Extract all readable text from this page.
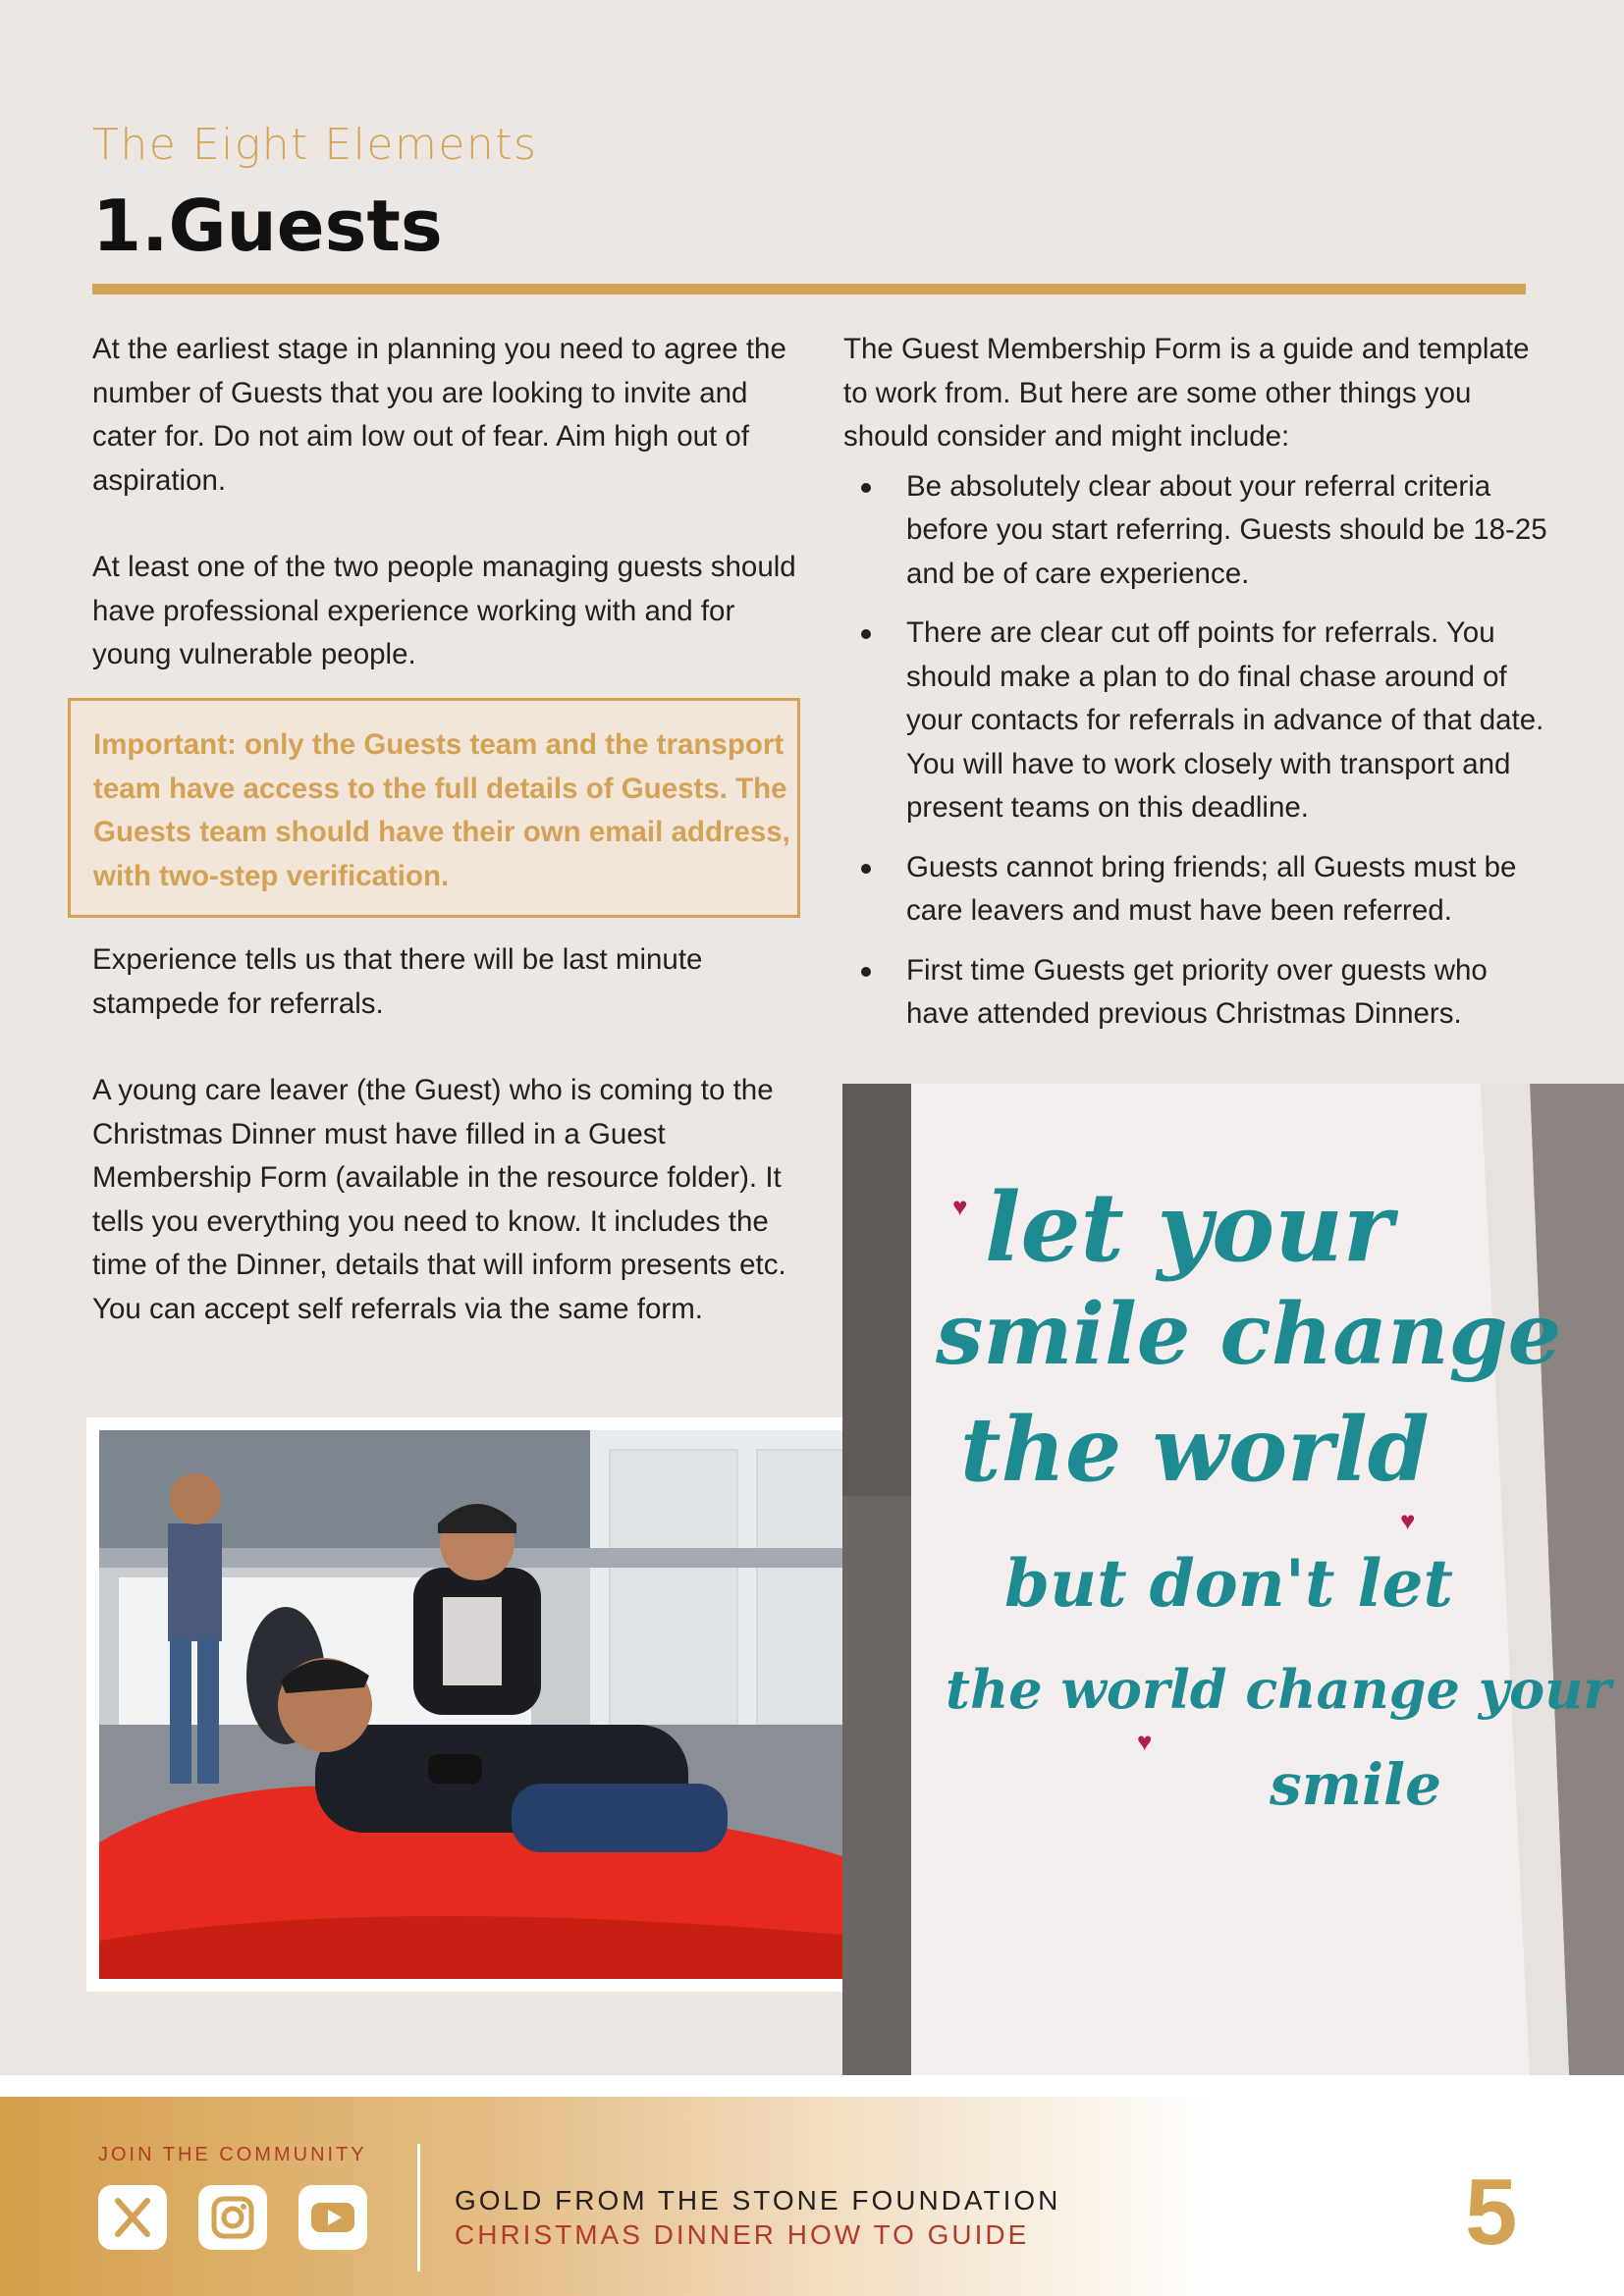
The Eight Elements
1.Guests

At the earliest stage in planning you need to agree the number of Guests that you are looking to invite and cater for. Do not aim low out of fear. Aim high out of aspiration.

At least one of the two people managing guests should have professional experience working with and for young vulnerable people.

Important: only the Guests team and the transport team have access to the full details of Guests. The Guests team should have their own email address, with two-step verification.

Experience tells us that there will be last minute stampede for referrals.

A young care leaver (the Guest) who is coming to the Christmas Dinner must have filled in a Guest Membership Form (available in the resource folder). It tells you everything you need to know. It includes the time of the Dinner, details that will inform presents etc. You can accept self referrals via the same form.

The Guest Membership Form is a guide and template to work from. But here are some other things you should consider and might include:

Be absolutely clear about your referral criteria before you start referring. Guests should be 18-25 and be of care experience.
There are clear cut off points for referrals. You should make a plan to do final chase around of your contacts for referrals in advance of that date. You will have to work closely with transport and present teams on this deadline.
Guests cannot bring friends; all Guests must be care leavers and must have been referred.
First time Guests get priority over guests who have attended previous Christmas Dinners.
let your
smile change
the world
but don't let
the world change your
smile
♥
♥
♥
JOIN THE COMMUNITY
GOLD FROM THE STONE FOUNDATION
CHRISTMAS DINNER HOW TO GUIDE	5
